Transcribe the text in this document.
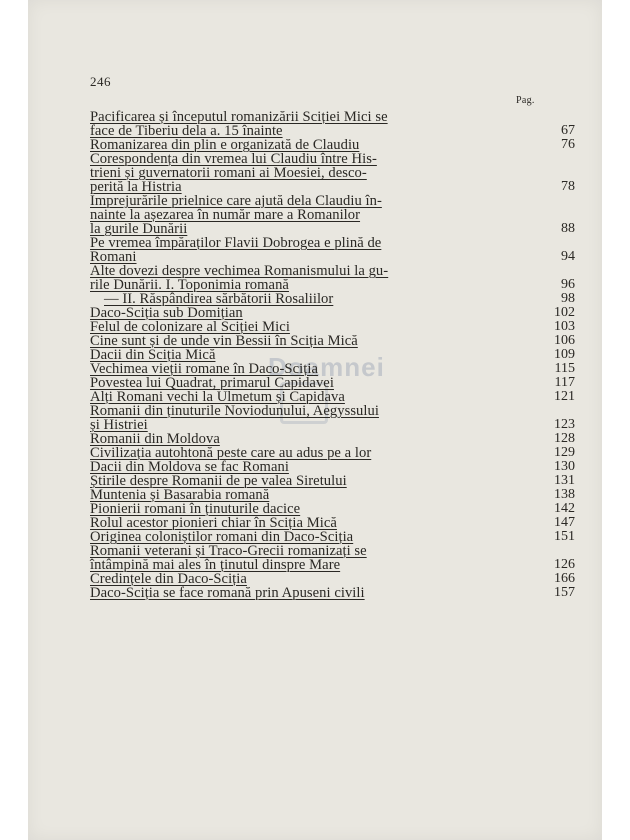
246
Pag.
Doamnei
Pacificarea și începutul romanizării Sciției Mici se
face de Tiberiu dela a. 15 înainte	67
Romanizarea din plin e organizată de Claudiu	76
Corespondența din vremea lui Claudiu între His-
trieni și guvernatorii romani ai Moesiei, desco-
perită la Histria	78
Imprejurările prielnice care ajută dela Claudiu în-
nainte la așezarea în număr mare a Romanilor
la gurile Dunării	88
Pe vremea împăraților Flavii Dobrogea e plină de
Romani	94
Alte dovezi despre vechimea Romanismului la gu-
rile Dunării. I. Toponimia romană	96
— II. Răspândirea sărbătorii Rosaliilor	98
Daco-Sciția sub Domițian	102
Felul de colonizare al Sciției Mici	103
Cine sunt și de unde vin Bessii în Sciția Mică	106
Dacii din Sciția Mică	109
Vechimea vieții romane în Daco-Sciția	115
Povestea lui Quadrat, primarul Capidavei	117
Alți Romani vechi la Ulmetum și Capidava	121
Romanii din ținuturile Noviodunului, Aegyssului
și Histriei	123
Romanii din Moldova	128
Civilizația autohtonă peste care au adus pe a lor	129
Dacii din Moldova se fac Romani	130
Știrile despre Romanii de pe valea Siretului	131
Muntenia și Basarabia romană	138
Pionierii romani în ținuturile dacice	142
Rolul acestor pionieri chiar în Sciția Mică	147
Originea coloniștilor romani din Daco-Sciția	151
Romanii veterani și Traco-Grecii romanizați se
întâmpină mai ales în ținutul dinspre Mare	126
Credințele din Daco-Sciția	166
Daco-Sciția se face romană prin Apuseni civili	157
